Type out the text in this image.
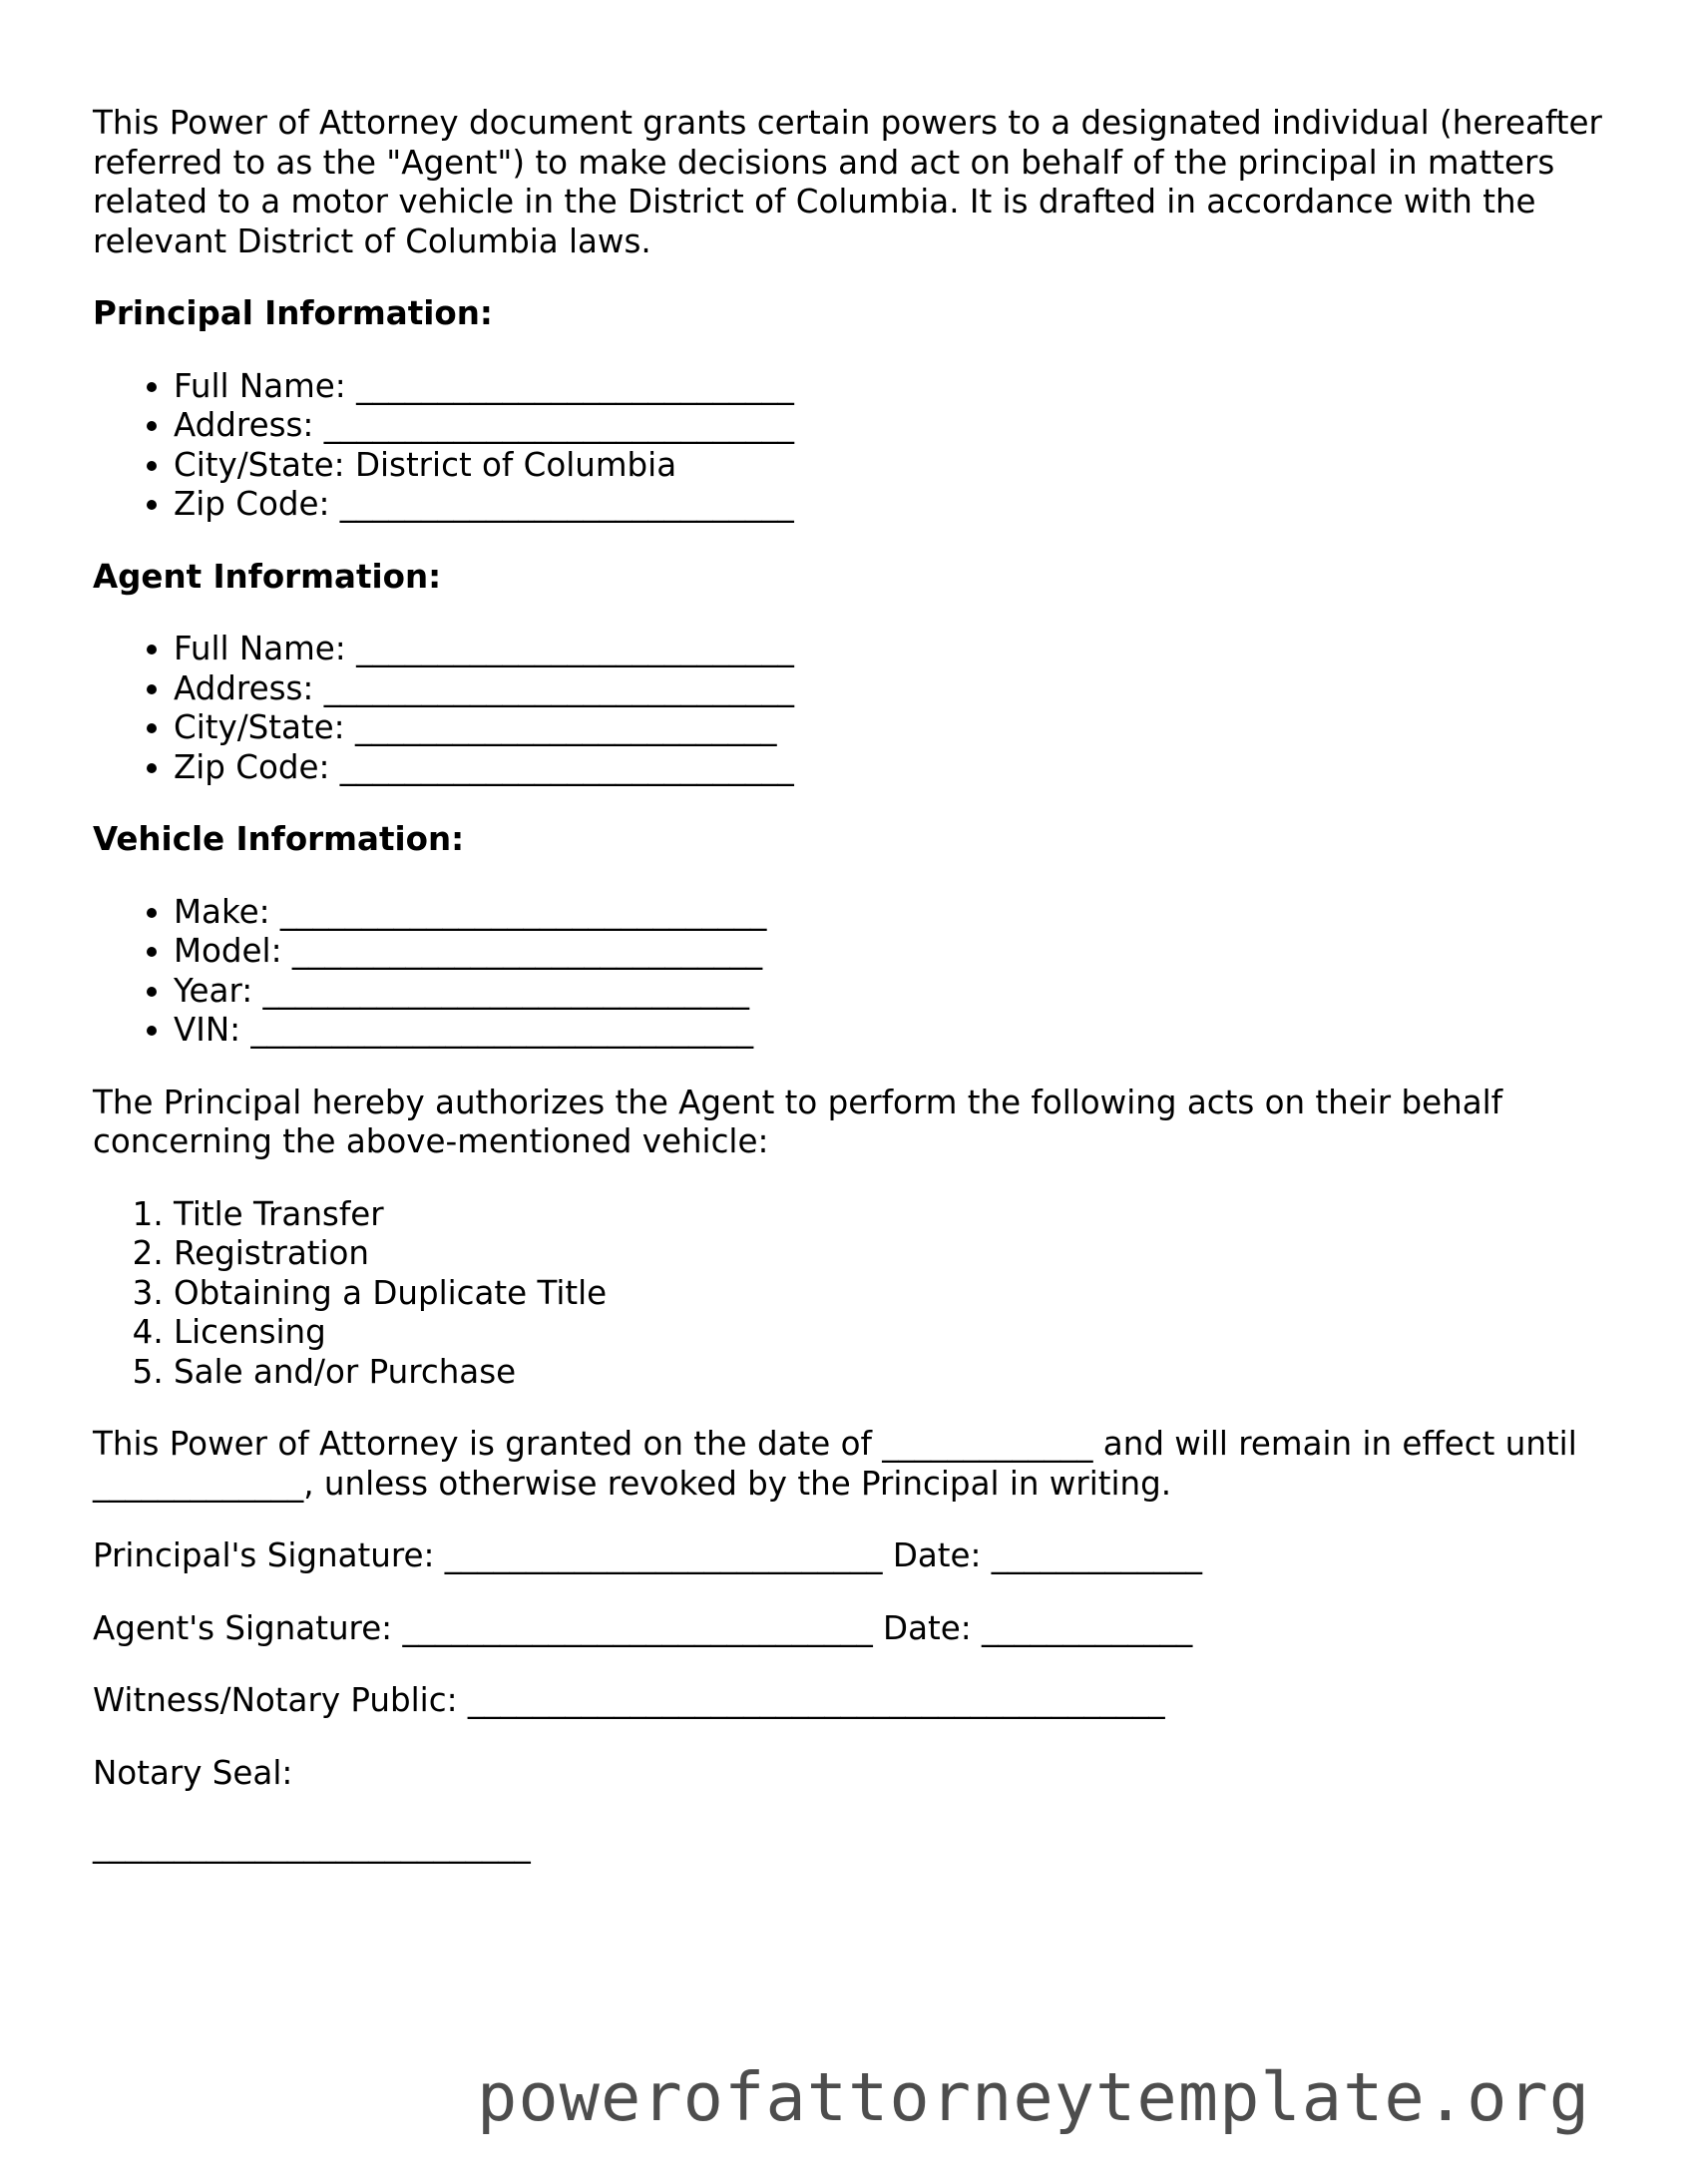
This Power of Attorney document grants certain powers to a designated individual (hereafter referred to as the "Agent") to make decisions and act on behalf of the principal in matters related to a motor vehicle in the District of Columbia. It is drafted in accordance with the relevant District of Columbia laws.

Principal Information:
• Full Name: ___________________________
• Address: _____________________________
• City/State: District of Columbia
• Zip Code: ____________________________
Agent Information:
• Full Name: ___________________________
• Address: _____________________________
• City/State: __________________________
• Zip Code: ____________________________
Vehicle Information:
• Make: ______________________________
• Model: _____________________________
• Year: ______________________________
• VIN: _______________________________

The Principal hereby authorizes the Agent to perform the following acts on their behalf concerning the above-mentioned vehicle:

1. Title Transfer
2. Registration
3. Obtaining a Duplicate Title
4. Licensing
5. Sale and/or Purchase

This Power of Attorney is granted on the date of _____________ and will remain in effect until _____________, unless otherwise revoked by the Principal in writing.

Principal's Signature: ___________________________ Date: _____________

Agent's Signature: _____________________________ Date: _____________

Witness/Notary Public: ___________________________________________

Notary Seal:

___________________________

powerofattorneytemplate.org
